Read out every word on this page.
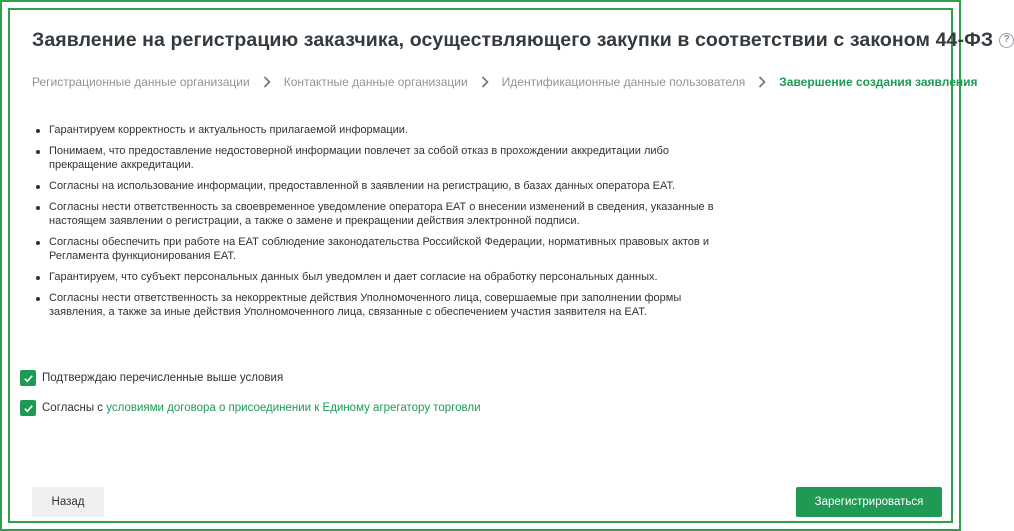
Заявление на регистрацию заказчика, осуществляющего закупки в соответствии с законом 44-ФЗ	?
Регистрационные данные организации	Контактные данные организации	Идентификационные данные пользователя	Завершение создания заявления
Гарантируем корректность и актуальность прилагаемой информации.
Понимаем, что предоставление недостоверной информации повлечет за собой отказ в прохождении аккредитации либо прекращение аккредитации.
Согласны на использование информации, предоставленной в заявлении на регистрацию, в базах данных оператора ЕАТ.
Согласны нести ответственность за своевременное уведомление оператора ЕАТ о внесении изменений в сведения, указанные в настоящем заявлении о регистрации, а также о замене и прекращении действия электронной подписи.
Согласны обеспечить при работе на ЕАТ соблюдение законодательства Российской Федерации, нормативных правовых актов и Регламента функционирования ЕАТ.
Гарантируем, что субъект персональных данных был уведомлен и дает согласие на обработку персональных данных.
Согласны нести ответственность за некорректные действия Уполномоченного лица, совершаемые при заполнении формы заявления, а также за иные действия Уполномоченного лица, связанные с обеспечением участия заявителя на ЕАТ.
Подтверждаю перечисленные выше условия
Согласны с условиями договора о присоединении к Единому агрегатору торговли
Назад	Зарегистрироваться
